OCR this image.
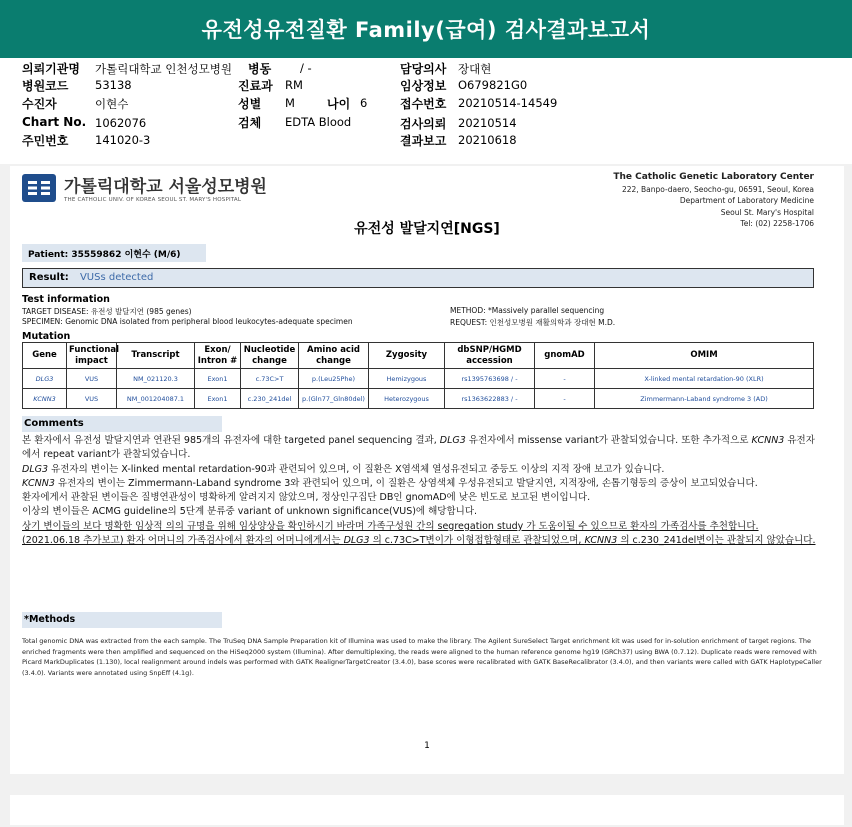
유전성유전질환 Family(급여) 검사결과보고서
의뢰기관명 가톨릭대학교 인천성모병원 병동	/ -	담당의사 장대현
병원코드 53138	진료과 RM	임상정보 O679821G0
수진자	이현수	성별 M	나이 6	접수번호 20210514-14549
Chart No. 1062076	검체 EDTA Blood	검사의뢰 20210514
주민번호 141020-3	결과보고 20210618
가톨릭대학교 서울성모병원
THE CATHOLIC UNIV. OF KOREA SEOUL ST. MARY'S HOSPITAL
The Catholic Genetic Laboratory Center
222, Banpo-daero, Seocho-gu, 06591, Seoul, Korea
Department of Laboratory Medicine
Seoul St. Mary's Hospital
Tel: (02) 2258-1706
유전성 발달지연[NGS]
Patient: 35559862 이현수 (M/6)
Result: VUSs detected
Test information
TARGET DISEASE: 유전성 발달지연 (985 genes)
SPECIMEN: Genomic DNA isolated from peripheral blood leukocytes-adequate specimen
METHOD: *Massively parallel sequencing
REQUEST: 인천성모병원 재활의학과 장대현 M.D.
Mutation
Gene	Functional impact	Transcript	Exon/ Intron #	Nucleotide change	Amino acid change	Zygosity	dbSNP/HGMD accession	gnomAD	OMIM
DLG3	VUS	NM_021120.3	Exon1	c.73C>T	p.(Leu25Phe)	Hemizygous	rs1395763698 / -	-	X-linked mental retardation-90 (XLR)
KCNN3	VUS	NM_001204087.1	Exon1	c.230_241del	p.(Gln77_Gln80del)	Heterozygous	rs1363622883 / -	-	Zimmermann-Laband syndrome 3 (AD)
Comments

본 환자에서 유전성 발달지연과 연관된 985개의 유전자에 대한 targeted panel sequencing 결과, DLG3 유전자에서 missense variant가 관찰되었습니다. 또한 추가적으로 KCNN3 유전자에서 repeat variant가 관찰되었습니다.

DLG3 유전자의 변이는 X-linked mental retardation-90과 관련되어 있으며, 이 질환은 X염색체 열성유전되고 중등도 이상의 지적 장애 보고가 있습니다.

KCNN3 유전자의 변이는 Zimmermann-Laband syndrome 3와 관련되어 있으며, 이 질환은 상염색체 우성유전되고 발달지연, 지적장애, 손톱기형등의 증상이 보고되었습니다.

환자에게서 관찰된 변이들은 질병연관성이 명확하게 알려지지 않았으며, 정상인구집단 DB인 gnomAD에 낮은 빈도로 보고된 변이입니다.

이상의 변이들은 ACMG guideline의 5단계 분류중 variant of unknown significance(VUS)에 해당합니다.

상기 변이들의 보다 명확한 임상적 의의 규명을 위해 임상양상을 확인하시기 바라며 가족구성원 간의 segregation study 가 도움이될 수 있으므로 환자의 가족검사를 추천합니다.

(2021.06.18 추가보고) 환자 어머니의 가족검사에서 환자의 어머니에게서는 DLG3 의 c.73C>T변이가 이형접합형태로 관찰되었으며, KCNN3 의 c.230_241del변이는 관찰되지 않았습니다.

*Methods
Total genomic DNA was extracted from the each sample. The TruSeq DNA Sample Preparation kit of Illumina was used to make the library. The Agilent SureSelect Target enrichment kit was used for in-solution enrichment of target regions. The enriched fragments were then amplified and sequenced on the HiSeq2000 system (Illumina). After demultiplexing, the reads were aligned to the human reference genome hg19 (GRCh37) using BWA (0.7.12). Duplicate reads were removed with Picard MarkDuplicates (1.130), local realignment around indels was performed with GATK RealignerTargetCreator (3.4.0), base scores were recalibrated with GATK BaseRecalibrator (3.4.0), and then variants were called with GATK HaplotypeCaller (3.4.0). Variants were annotated using SnpEff (4.1g).
1
